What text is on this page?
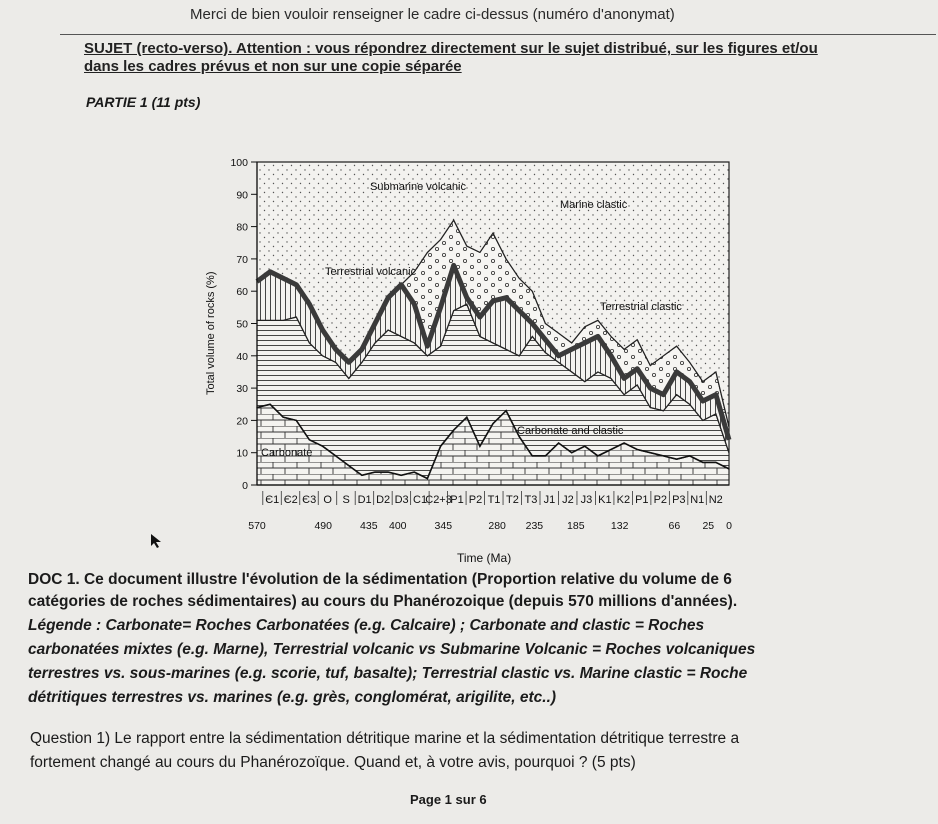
Merci de bien vouloir renseigner le cadre ci-dessus (numéro d'anonymat)
SUJET (recto-verso). Attention : vous répondrez directement sur le sujet distribué, sur les figures et/ou
dans les cadres prévus et non sur une copie séparée
PARTIE 1 (11 pts)
0
10
20
30
40
50
60
70
80
90
100
Є1 Є2 Є3 O S D1 D2 D3 C1
C2+3
P1 P2 T1 T2 T3 J1 J2 J3 K1 K2 P1 P2 P3 N1 N2
570	490	435 400	345	280 235 185	132	66 25 0
Submarine volcanic
Marine clastic
Terrestrial volcanic
Terrestrial clastic
Carbonate and clastic
Carbonate
Total volume of rocks (%)
Time (Ma)
DOC 1. Ce document illustre l'évolution de la sédimentation (Proportion relative du volume de 6
catégories de roches sédimentaires) au cours du Phanérozoique (depuis 570 millions d'années).
Légende : Carbonate= Roches Carbonatées (e.g. Calcaire) ; Carbonate and clastic = Roches
carbonatées mixtes (e.g. Marne), Terrestrial volcanic vs Submarine Volcanic = Roches volcaniques
terrestres vs. sous-marines (e.g. scorie, tuf, basalte); Terrestrial clastic vs. Marine clastic = Roche
détritiques terrestres vs. marines (e.g. grès, conglomérat, arigilite, etc..)
Question 1) Le rapport entre la sédimentation détritique marine et la sédimentation détritique terrestre a
fortement changé au cours du Phanérozoïque. Quand et, à votre avis, pourquoi ? (5 pts)
Page 1 sur 6
